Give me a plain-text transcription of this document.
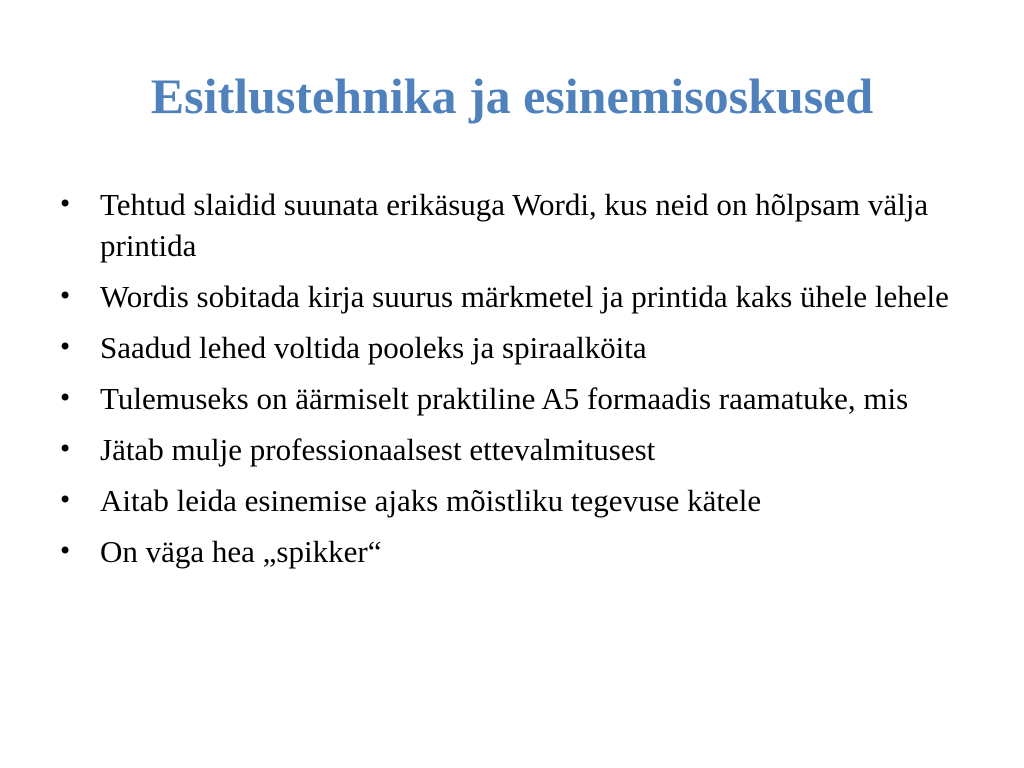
Esitlustehnika ja esinemisoskused
• Tehtud slaidid suunata erikäsuga Wordi, kus neid on hõlpsam välja printida
• Wordis sobitada kirja suurus märkmetel ja printida kaks ühele lehele
• Saadud lehed voltida pooleks ja spiraalköita
• Tulemuseks on äärmiselt praktiline A5 formaadis raamatuke, mis
• Jätab mulje professionaalsest ettevalmitusest
• Aitab leida esinemise ajaks mõistliku tegevuse kätele
• On väga hea „spikker“
